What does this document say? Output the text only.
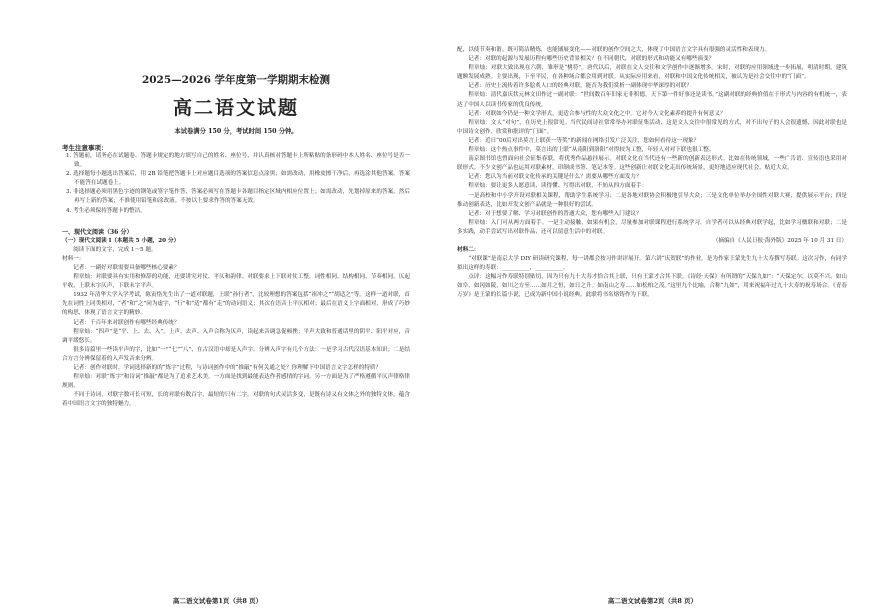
2025—2026 学年度第一学期期末检测
高二语文试题
本试卷满分 150 分，考试时间 150 分钟。
考生注意事项：
1. 答题前，请务必在试题卷、答题卡规定的地方填写自己的姓名、座位号，并认真核对答题卡上所粘贴的条形码中本人姓名、座位号是否一致。
2. 选择题每小题选出答案后，用 2B 铅笔把答题卡上对应题目选项的答案信息点涂黑；如需改动，用橡皮擦干净后，再选涂其他答案。答案不能答在试题卷上。
3. 非选择题必须用黑色字迹的钢笔或签字笔作答，答案必须写在答题卡各题目指定区域内相应位置上；如需改动，先划掉原来的答案，然后再写上新的答案；不准使用铅笔和涂改液。不按以上要求作答的答案无效。
4. 考生必须保持答题卡的整洁。
一、现代文阅读（36 分）
（一）现代文阅读 I（本题共 5 小题，20 分）
阅读下面的文字，完成 1～5 题。
材料一：
记者：一副好对联需要具备哪些核心要素？
程章灿：对联要具有实用和修辞的功能，还要讲究对仗、平仄和韵律。对联要求上下联对仗工整，词性相同、结构相同、节奏相同。仄起平收，上联末字仄声，下联末字平声。
1932 年清华大学入学考试，陈寅恪先生出了一道对联题，上联“孙行者”，比较理想的答案包括“祖冲之”“胡适之”等。这样一道对联，首先在词性上同类相对，“者”和“之”同为虚字，“行”和“适”都有“走”的动词语义；其次在语音上平仄相对；最后在语义上字面相对，形成了巧妙的构思，体现了语言文字的精妙。
记者：千百年来对联创作有哪些经典传统？
程章灿：“四声”是“平、上、去、入”。上声、去声、入声合称为仄声，读起来音调急促顿挫；平声大致和普通话里的阴平、阳平对应，音调平缓悠长。
很多诗篇里一些读平声的字，比如“一”“七”“八”，在古汉语中却是入声字。分辨入声字有几个方法：一是学习古代汉语基本知识；二是结合方言分辨保留着的入声发音来分辨。
记者：创作对联时，学词选择新的的“炼字”过程，与诗词创作中的“推敲”有何关通之处？你理解下中国语言文字怎样的特质？
程章灿：对联“炼字”和诗词“推敲”都是为了追求艺术美，一方面是找到最能表达作者感情的字词，另一方面是为了严格遵循平仄声律格律规则。
不同于诗词，对联字数可长可短，长的对联有数百字，最短的只有二字。对联的句式灵活多变，是既有诗又有文体之外的独特文体，蕴含着中国语言文字的独特魅力。
高二语文试卷第1页（共8 页）
配，以使节奏和谐。既可简洁精炼，也能铺展变化——对联的创作空间之大，体现了中国语言文字具有很强的灵活性和表现力。
记者：对联的起源与发展历程有哪些历史背景相关？在不同朝代，对联的形式和功能又有哪些演变？
程章灿：对联大致出现在六朝，雏形是“桃符”。唐代以后，对联在文人交往和文学创作中逐渐增多。宋时，对联的应用领域进一步拓展，明清时期，建筑题额发展成熟。主要出现，下至平民，在各种场合都会用到对联。从实际应用来看，对联和中国文化传统相关，被认为是社会交往中的“门面”。
记者：历史上流传着许多脍炙人口的经典对联，能否为我们赏析一副体现中华深厚的对联？
程章灿：清代嘉庆状元林文田作过一副对联：“世间数百年旧家无非积德，天下第一件好事还是读书。”这副对联的经典价值在于形式与内容的有机统一，表达了中国人以读书传家的优良传统。
记者：对联如今仍是一种文学形式，更适合参与性的大众文化之中。它对今人文化素养的提升有何意义？
程章灿：文人“对句”，在历史上很常见。当代民间诗社常常举办对联征集活动，这是文人交往中很常见的方式，对不出句子的人会很遗憾，因此对联也是中国诗文创作、欣赏和批评的“门面”。
记者：近日“00后对出莫言上联获一等奖”的新闻在网络引发广泛关注，您如何看待这一现象？
程章灿：这个热点事件中，莫言出的上联“从南阳到洛阳”对得较为工整，年轻人对对下联也很工整。
南京图书馆也曾面向社会征集春联，将优秀作品悬挂展示。对联文化在当代还有一些新的创新表达形式。比如在传统领域，一些广告语、宣传语也采用对联形式。不少文创产品也运用对联素材，印制成书签、笔记本等。这些创新让对联文化走出传统场景，更好地适应现代社会，贴近大众。
记者：您认为当前对联文化传承的关键是什么？需要从哪些方面发力？
程章灿：要让更多人愿意读、读得懂、写得出对联，不妨从四方面着手：
一是高校和中小学开设对联相关课程，帮助学生系统学习；二是各地对联协会积极地引导大众；三是文化单位举办全国性对联大赛，提供展示平台；四是推动创新表达，比如开发文创产品就是一种很好的尝试。
记者：对于想要了解、学习对联创作的普通大众，您有哪些入门建议？
程章灿：入门可从两方面着手。一是主动接触，如果有机会，尽量参加对联课程进行系统学习，自学者可以从经典对联学起，比如学习楹联和对联；二是多实践，动手尝试写出对联作品，还可以留意生活中的对联。
（摘编自《人民日报·海外版》2025 年 10 月 31 日）
材料二：
“对联课”是南京大学 DIY 研读研究课程，每一讲都会按习作讲评展开。第六讲“庆贺联”的作业，是为作家王蒙先生九十大寿撰写寿联。这次习作，有同学拟出这样的寿联：__________，__________。
点评：这幅习作寿联特别贴切，因为只有九十大寿才恰合其上联，只有王蒙才合其下联。《诗经·天保》有所谓的“天保九如”：“天保定尔，以莫不兴。如山如阜，如冈如陵，如川之方至……如月之恒，如日之升。如南山之寿……如松柏之茂。”这里九个比喻，合称“九如”，用来祝福年过九十大寿的祝寿场合。《青春万岁》是王蒙的长篇小说，已成为新中国小说经典。此联将书名熔铸作为下联。
高二语文试卷第2页（共8 页）
